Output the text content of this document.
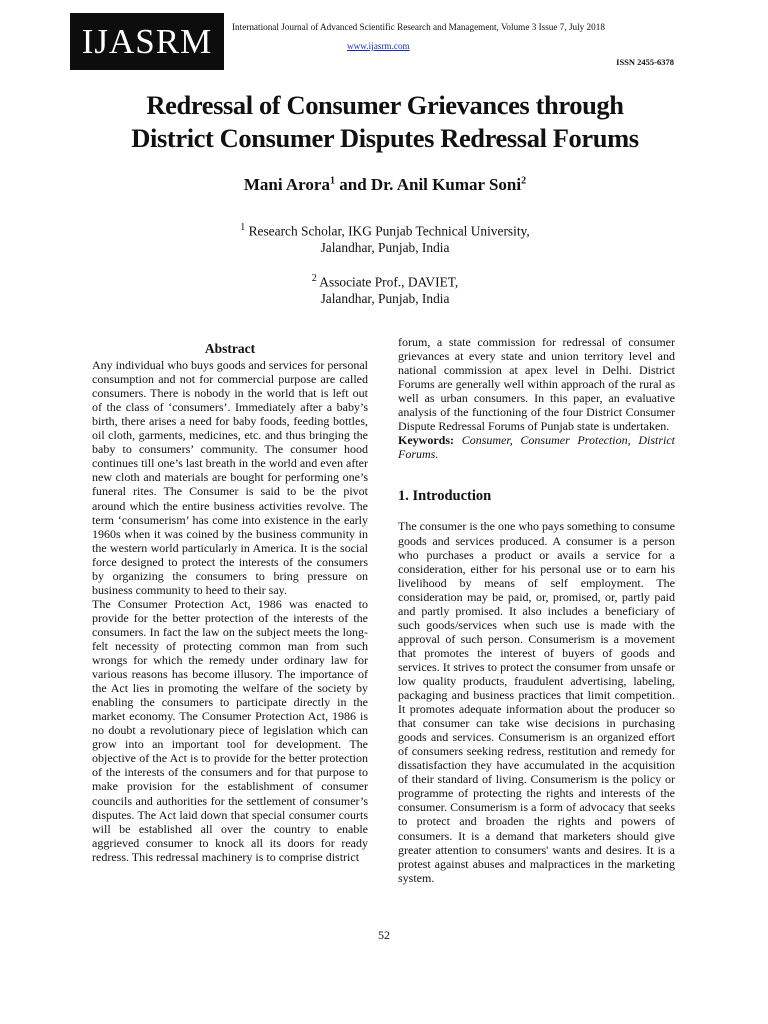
IJASRM	International Journal of Advanced Scientific Research and Management, Volume 3 Issue 7, July 2018
www.ijasrm.com
ISSN 2455-6378
Redressal of Consumer Grievances through
District Consumer Disputes Redressal Forums
Mani Arora$^1$ and Dr. Anil Kumar Soni$^2$
$^1$ Research Scholar, IKG Punjab Technical University,
Jalandhar, Punjab, India
$^2$ Associate Prof., DAVIET,
Jalandhar, Punjab, India

Abstract

Any individual who buys goods and services for personal consumption and not for commercial purpose are called consumers. There is nobody in the world that is left out of the class of ‘consumers’. Immediately after a baby’s birth, there arises a need for baby foods, feeding bottles, oil cloth, garments, medicines, etc. and thus bringing the baby to consumers’ community. The consumer hood continues till one’s last breath in the world and even after new cloth and materials are bought for performing one’s funeral rites. The Consumer is said to be the pivot around which the entire business activities revolve. The term ‘consumerism’ has come into existence in the early 1960s when it was coined by the business community in the western world particularly in America. It is the social force designed to protect the interests of the consumers by organizing the consumers to bring pressure on business community to heed to their say.

The Consumer Protection Act, 1986 was enacted to provide for the better protection of the interests of the consumers. In fact the law on the subject meets the long-felt necessity of protecting common man from such wrongs for which the remedy under ordinary law for various reasons has become illusory. The importance of the Act lies in promoting the welfare of the society by enabling the consumers to participate directly in the market economy. The Consumer Protection Act, 1986 is no doubt a revolutionary piece of legislation which can grow into an important tool for development. The objective of the Act is to provide for the better protection of the interests of the consumers and for that purpose to make provision for the establishment of consumer councils and authorities for the settlement of consumer’s disputes. The Act laid down that special consumer courts will be established all over the country to enable aggrieved consumer to knock all its doors for ready redress. This redressal machinery is to comprise district

forum, a state commission for redressal of consumer grievances at every state and union territory level and national commission at apex level in Delhi. District Forums are generally well within approach of the rural as well as urban consumers. In this paper, an evaluative analysis of the functioning of the four District Consumer Dispute Redressal Forums of Punjab state is undertaken.

Keywords: Consumer, Consumer Protection, District Forums.

1. Introduction

The consumer is the one who pays something to consume goods and services produced. A consumer is a person who purchases a product or avails a service for a consideration, either for his personal use or to earn his livelihood by means of self employment. The consideration may be paid, or, promised, or, partly paid and partly promised. It also includes a beneficiary of such goods/services when such use is made with the approval of such person. Consumerism is a movement that promotes the interest of buyers of goods and services. It strives to protect the consumer from unsafe or low quality products, fraudulent advertising, labeling, packaging and business practices that limit competition. It promotes adequate information about the producer so that consumer can take wise decisions in purchasing goods and services. Consumerism is an organized effort of consumers seeking redress, restitution and remedy for dissatisfaction they have accumulated in the acquisition of their standard of living. Consumerism is the policy or programme of protecting the rights and interests of the consumer. Consumerism is a form of advocacy that seeks to protect and broaden the rights and powers of consumers. It is a demand that marketers should give greater attention to consumers' wants and desires. It is a protest against abuses and malpractices in the marketing system.

52
